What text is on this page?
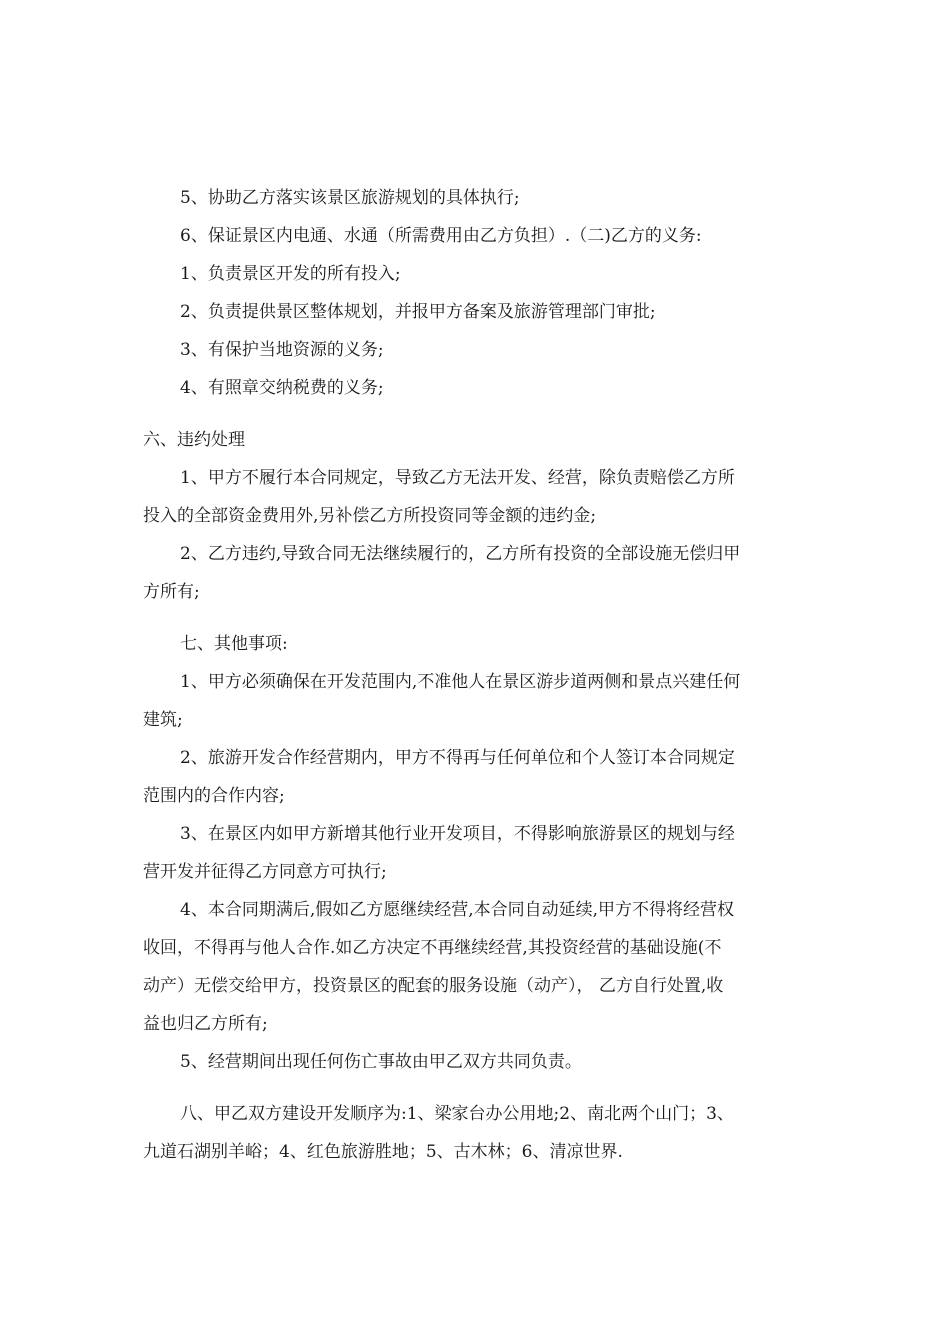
5、协助乙方落实该景区旅游规划的具体执行;
6、保证景区内电通、水通（所需费用由乙方负担）.（二)乙方的义务:
1、负责景区开发的所有投入;
2、负责提供景区整体规划，并报甲方备案及旅游管理部门审批;
3、有保护当地资源的义务;
4、有照章交纳税费的义务;
六、违约处理
1、甲方不履行本合同规定，导致乙方无法开发、经营，除负责赔偿乙方所
投入的全部资金费用外,另补偿乙方所投资同等金额的违约金;
2、乙方违约,导致合同无法继续履行的，乙方所有投资的全部设施无偿归甲
方所有;
七、其他事项:
1、甲方必须确保在开发范围内,不准他人在景区游步道两侧和景点兴建任何
建筑;
2、旅游开发合作经营期内，甲方不得再与任何单位和个人签订本合同规定
范围内的合作内容;
3、在景区内如甲方新增其他行业开发项目，不得影响旅游景区的规划与经
营开发并征得乙方同意方可执行;
4、本合同期满后,假如乙方愿继续经营,本合同自动延续,甲方不得将经营权
收回，不得再与他人合作.如乙方决定不再继续经营,其投资经营的基础设施(不
动产）无偿交给甲方，投资景区的配套的服务设施（动产）， 乙方自行处置,收
益也归乙方所有;
5、经营期间出现任何伤亡事故由甲乙双方共同负责。
八、甲乙双方建设开发顺序为:1、梁家台办公用地;2、南北两个山门；3、
九道石湖别羊峪；4、红色旅游胜地；5、古木林；6、清凉世界.
